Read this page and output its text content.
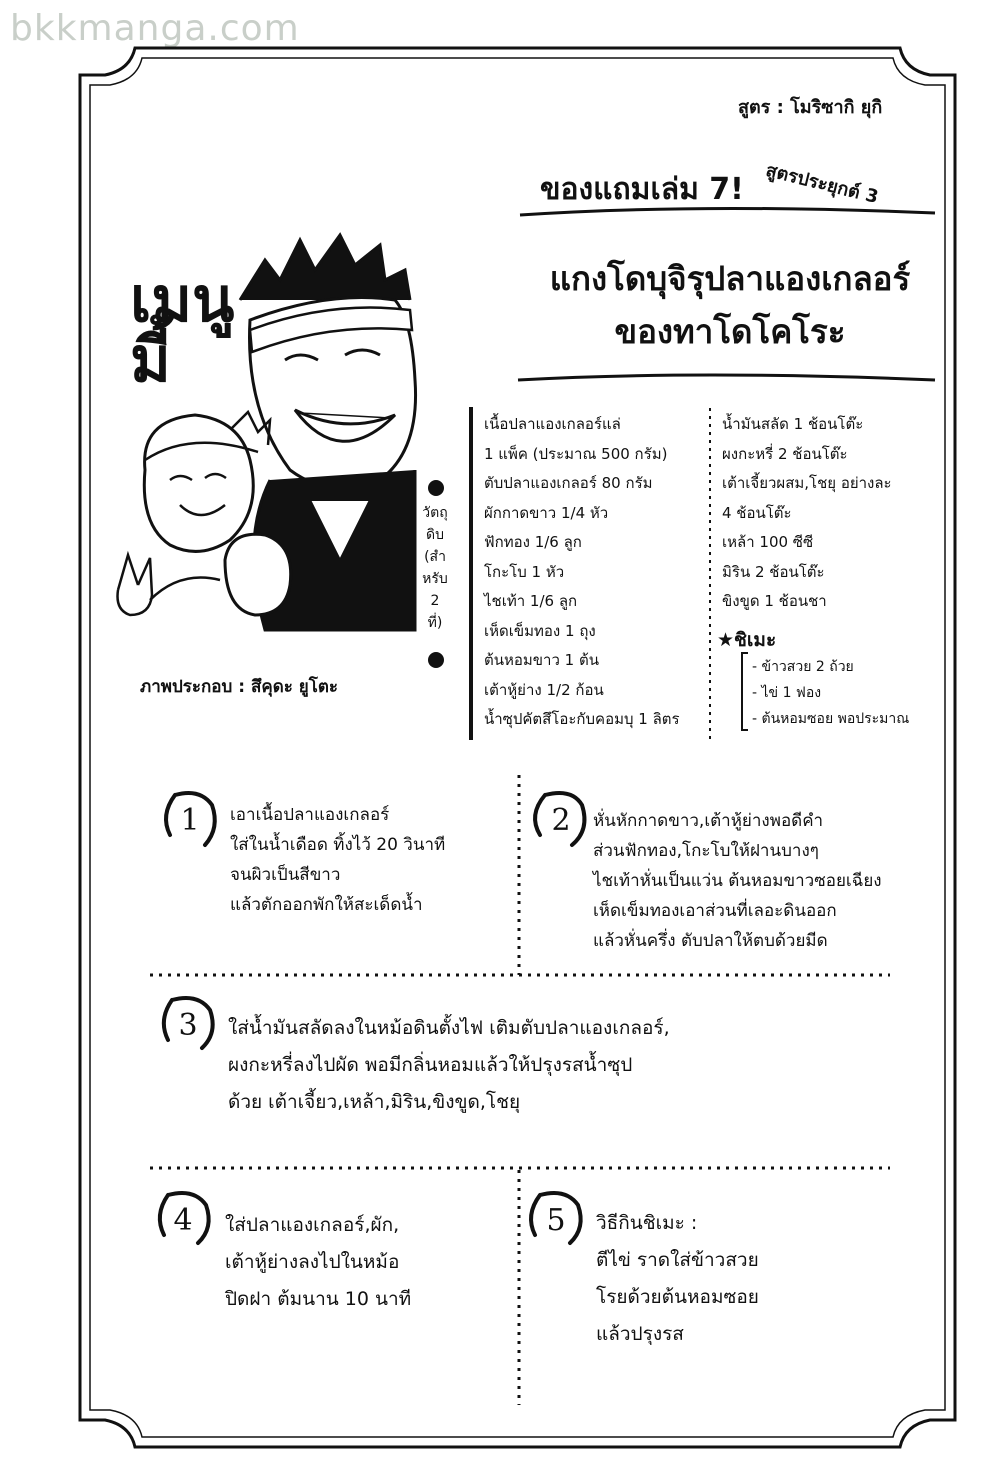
bkkmanga.com
สูตร : โมริซากิ ยุกิ
สูตรประยุกต์ 3
ของแถมเล่ม 7!
แกงโดบุจิรุปลาแองเกลอร์
ของทาโดโคโระ
เมนู
มี้
ภาพประกอบ : สึคุดะ ยูโตะ
วัตถุ
ดิบ
(สำ
หรับ
2
ที่)
เนื้อปลาแองเกลอร์แล่
1 แพ็ค (ประมาณ 500 กรัม)
ตับปลาแองเกลอร์ 80 กรัม
ผักกาดขาว 1/4 หัว
ฟักทอง 1/6 ลูก
โกะโบ 1 หัว
ไชเท้า 1/6 ลูก
เห็ดเข็มทอง 1 ถุง
ต้นหอมขาว 1 ต้น
เต้าหู้ย่าง 1/2 ก้อน
น้ำซุปคัตสึโอะกับคอมบุ 1 ลิตร
น้ำมันสลัด 1 ช้อนโต๊ะ
ผงกะหรี่ 2 ช้อนโต๊ะ
เต้าเจี้ยวผสม,โชยุ อย่างละ
4 ช้อนโต๊ะ
เหล้า 100 ซีซี
มิริน 2 ช้อนโต๊ะ
ขิงขูด 1 ช้อนชา
★ชิเมะ
- ข้าวสวย 2 ถ้วย
- ไข่ 1 ฟอง
- ต้นหอมซอย พอประมาณ
1	เอาเนื้อปลาแองเกลอร์
ใส่ในน้ำเดือด ทิ้งไว้ 20 วินาที
จนผิวเป็นสีขาว
แล้วตักออกพักให้สะเด็ดน้ำ
2	หั่นหักกาดขาว,เต้าหู้ย่างพอดีคำ
ส่วนฟักทอง,โกะโบให้ฝานบางๆ
ไชเท้าหั่นเป็นแว่น ต้นหอมขาวซอยเฉียง
เห็ดเข็มทองเอาส่วนที่เลอะดินออก
แล้วหั่นครึ่ง ตับปลาให้ตบด้วยมีด
3	ใส่น้ำมันสลัดลงในหม้อดินตั้งไฟ เติมตับปลาแองเกลอร์,
ผงกะหรี่ลงไปผัด พอมีกลิ่นหอมแล้วให้ปรุงรสน้ำซุป
ด้วย เต้าเจี้ยว,เหล้า,มิริน,ขิงขูด,โชยุ
4	ใส่ปลาแองเกลอร์,ผัก,
เต้าหู้ย่างลงไปในหม้อ
ปิดฝา ต้มนาน 10 นาที
5	วิธีกินชิเมะ :
ตีไข่ ราดใส่ข้าวสวย
โรยด้วยต้นหอมซอย
แล้วปรุงรส
